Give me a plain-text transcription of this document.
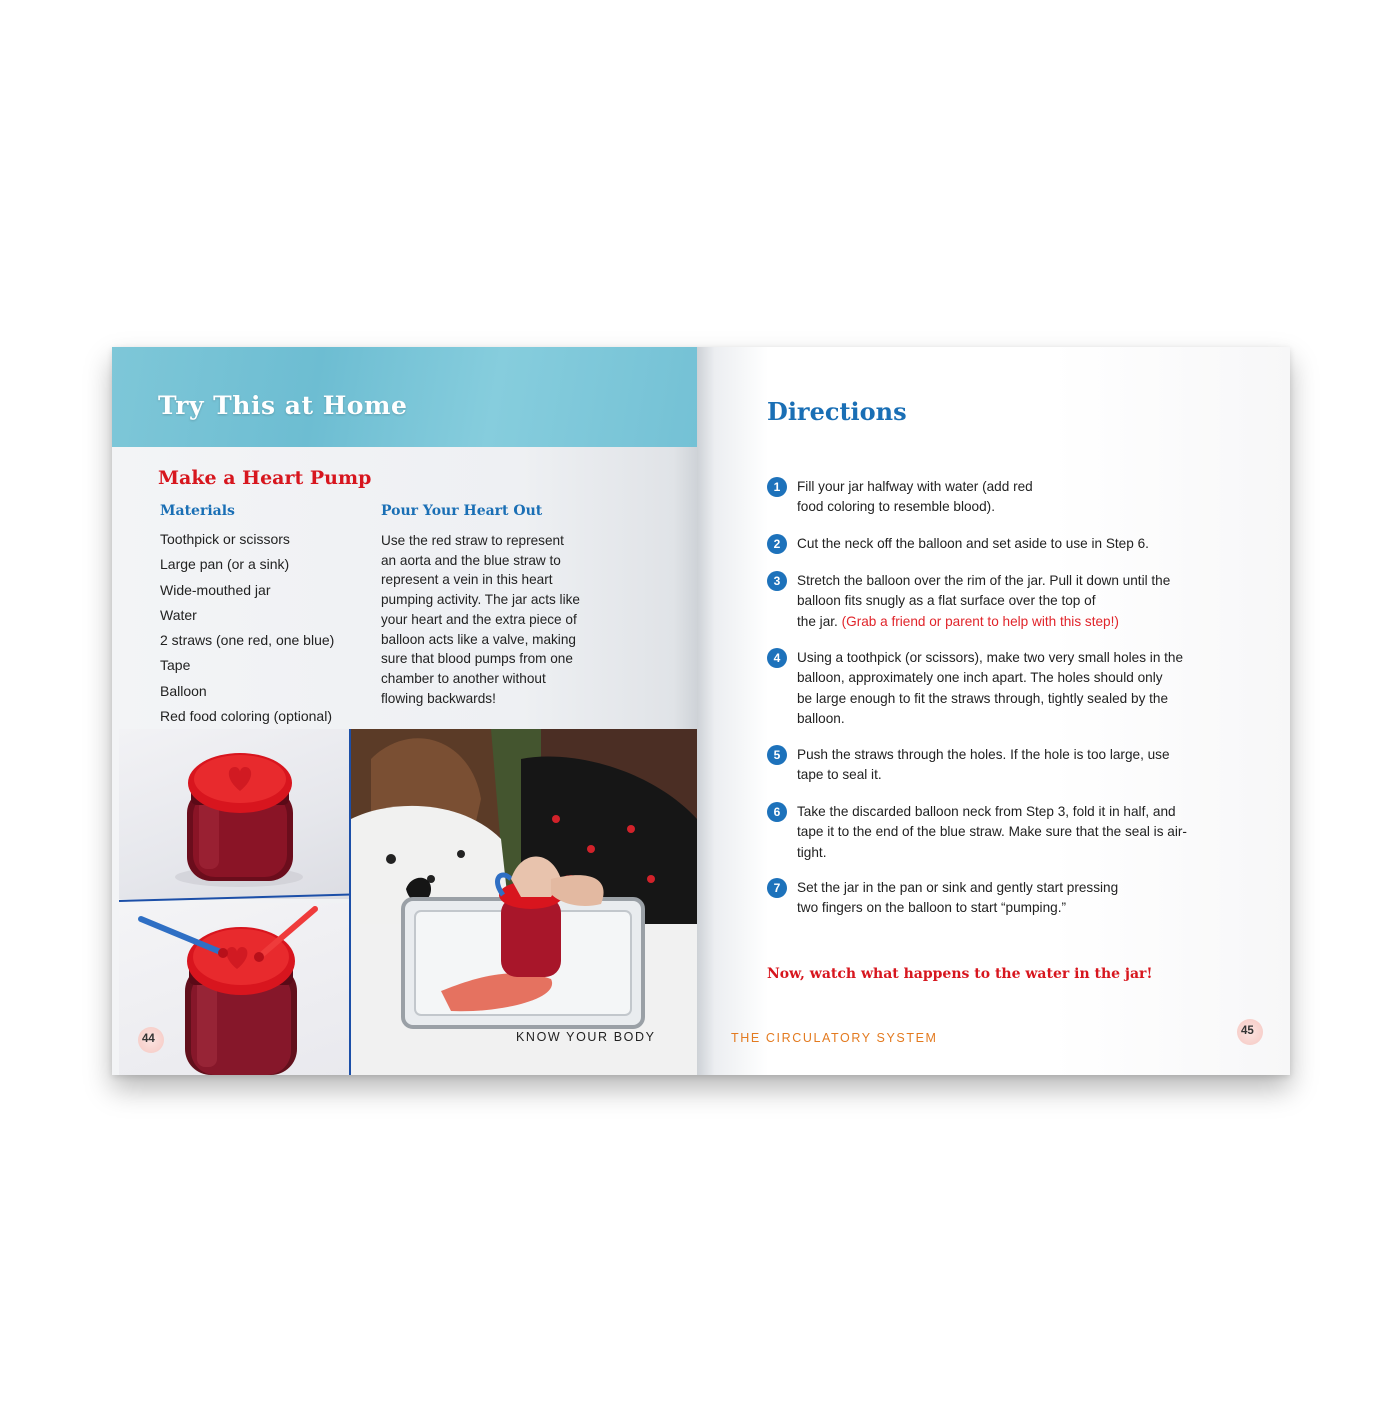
Try This at Home
Make a Heart Pump
Materials
Toothpick or scissors
Large pan (or a sink)
Wide-mouthed jar
Water
2 straws (one red, one blue)
Tape
Balloon
Red food coloring (optional)
Pour Your Heart Out

Use the red straw to represent
an aorta and the blue straw to
represent a vein in this heart
pumping activity. The jar acts like
your heart and the extra piece of
balloon acts like a valve, making
sure that blood pumps from one
chamber to another without
flowing backwards!

44	KNOW YOUR BODY
Directions
1	Fill your jar halfway with water (add red
food coloring to resemble blood).
2	Cut the neck off the balloon and set aside to use in Step 6.
3	Stretch the balloon over the rim of the jar. Pull it down until the
balloon fits snugly as a flat surface over the top of
the jar. (Grab a friend or parent to help with this step!)
4	Using a toothpick (or scissors), make two very small holes in the
balloon, approximately one inch apart. The holes should only
be large enough to fit the straws through, tightly sealed by the
balloon.
5	Push the straws through the holes. If the hole is too large, use
tape to seal it.
6	Take the discarded balloon neck from Step 3, fold it in half, and
tape it to the end of the blue straw. Make sure that the seal is air-
tight.
7	Set the jar in the pan or sink and gently start pressing
two fingers on the balloon to start “pumping.”
Now, watch what happens to the water in the jar!
THE CIRCULATORY SYSTEM	45
